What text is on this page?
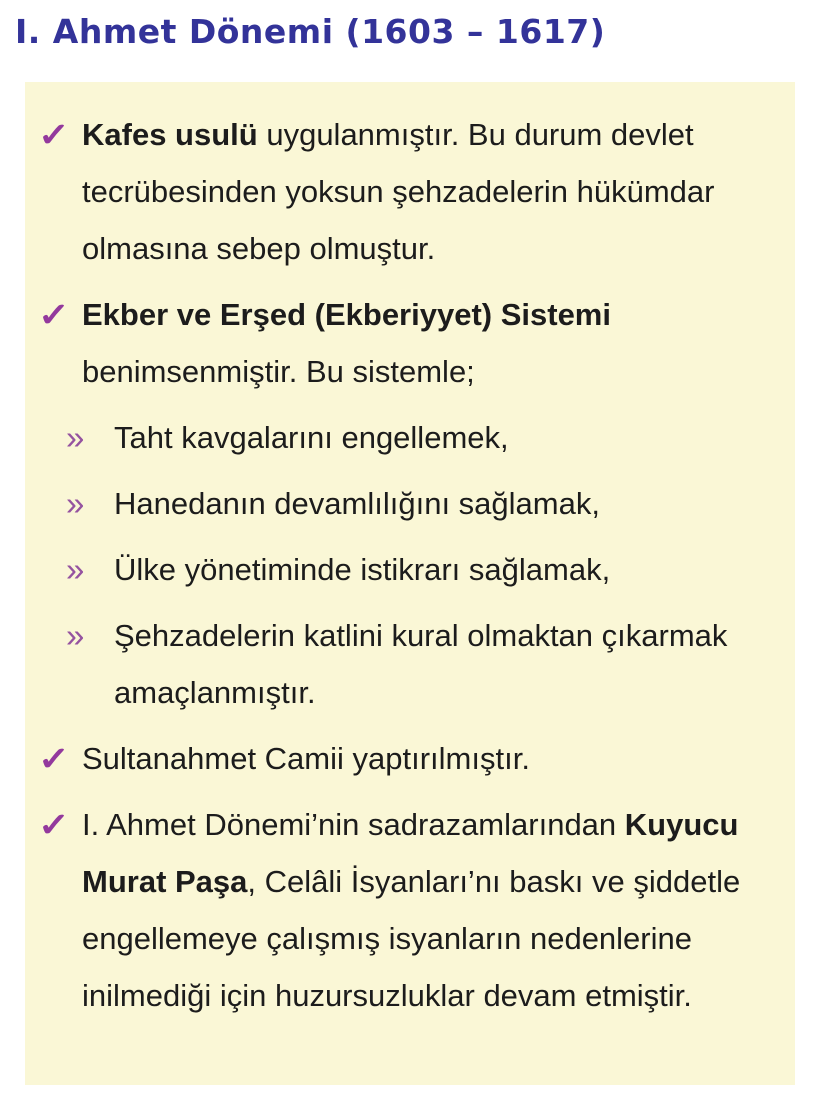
I. Ahmet Dönemi (1603 – 1617)
✓ Kafes usulü uygulanmıştır. Bu durum devlet tecrübesinden yoksun şehzadelerin hükümdar olmasına sebep olmuştur.
✓ Ekber ve Erşed (Ekberiyyet) Sistemi benimsenmiştir. Bu sistemle;
» Taht kavgalarını engellemek,
» Hanedanın devamlılığını sağlamak,
» Ülke yönetiminde istikrarı sağlamak,
» Şehzadelerin katlini kural olmaktan çıkarmak amaçlanmıştır.
✓ Sultanahmet Camii yaptırılmıştır.
✓ I. Ahmet Dönemi’nin sadrazamlarından Kuyucu Murat Paşa, Celâli İsyanları’nı baskı ve şiddetle engellemeye çalışmış isyanların nedenlerine inilmediği için huzursuzluklar devam etmiştir.
